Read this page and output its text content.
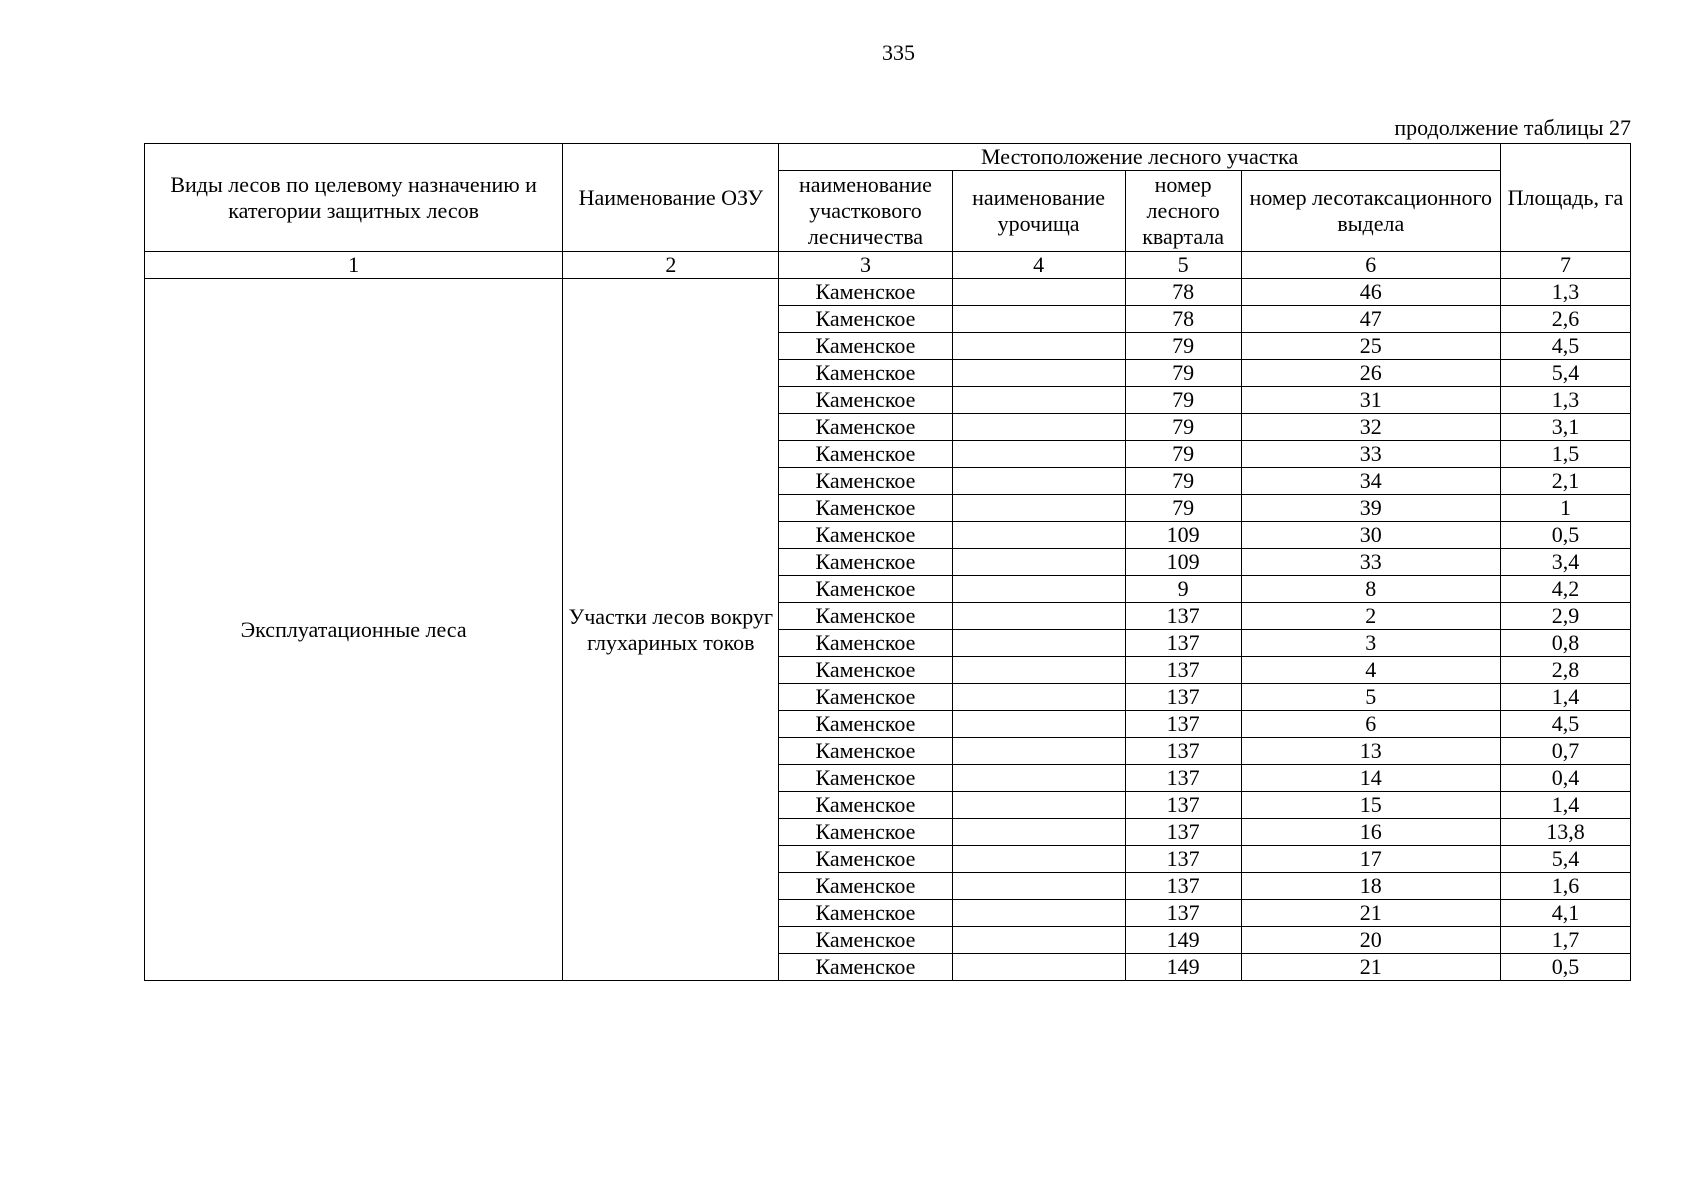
335
продолжение таблицы 27
Виды лесов по целевому назначению и категории защитных лесов	Наименование ОЗУ	Местоположение лесного участка				Площадь, га
		наименование участкового лесничества	наименование урочища	номер лесного квартала	номер лесотаксационного выдела	
1	2	3	4	5	6	7
Эксплуатационные леса	Участки лесов вокруг глухариных токов	Каменское		78	46	1,3
		Каменское		78	47	2,6
		Каменское		79	25	4,5
		Каменское		79	26	5,4
		Каменское		79	31	1,3
		Каменское		79	32	3,1
		Каменское		79	33	1,5
		Каменское		79	34	2,1
		Каменское		79	39	1
		Каменское		109	30	0,5
		Каменское		109	33	3,4
		Каменское		9	8	4,2
		Каменское		137	2	2,9
		Каменское		137	3	0,8
		Каменское		137	4	2,8
		Каменское		137	5	1,4
		Каменское		137	6	4,5
		Каменское		137	13	0,7
		Каменское		137	14	0,4
		Каменское		137	15	1,4
		Каменское		137	16	13,8
		Каменское		137	17	5,4
		Каменское		137	18	1,6
		Каменское		137	21	4,1
		Каменское		149	20	1,7
		Каменское		149	21	0,5
